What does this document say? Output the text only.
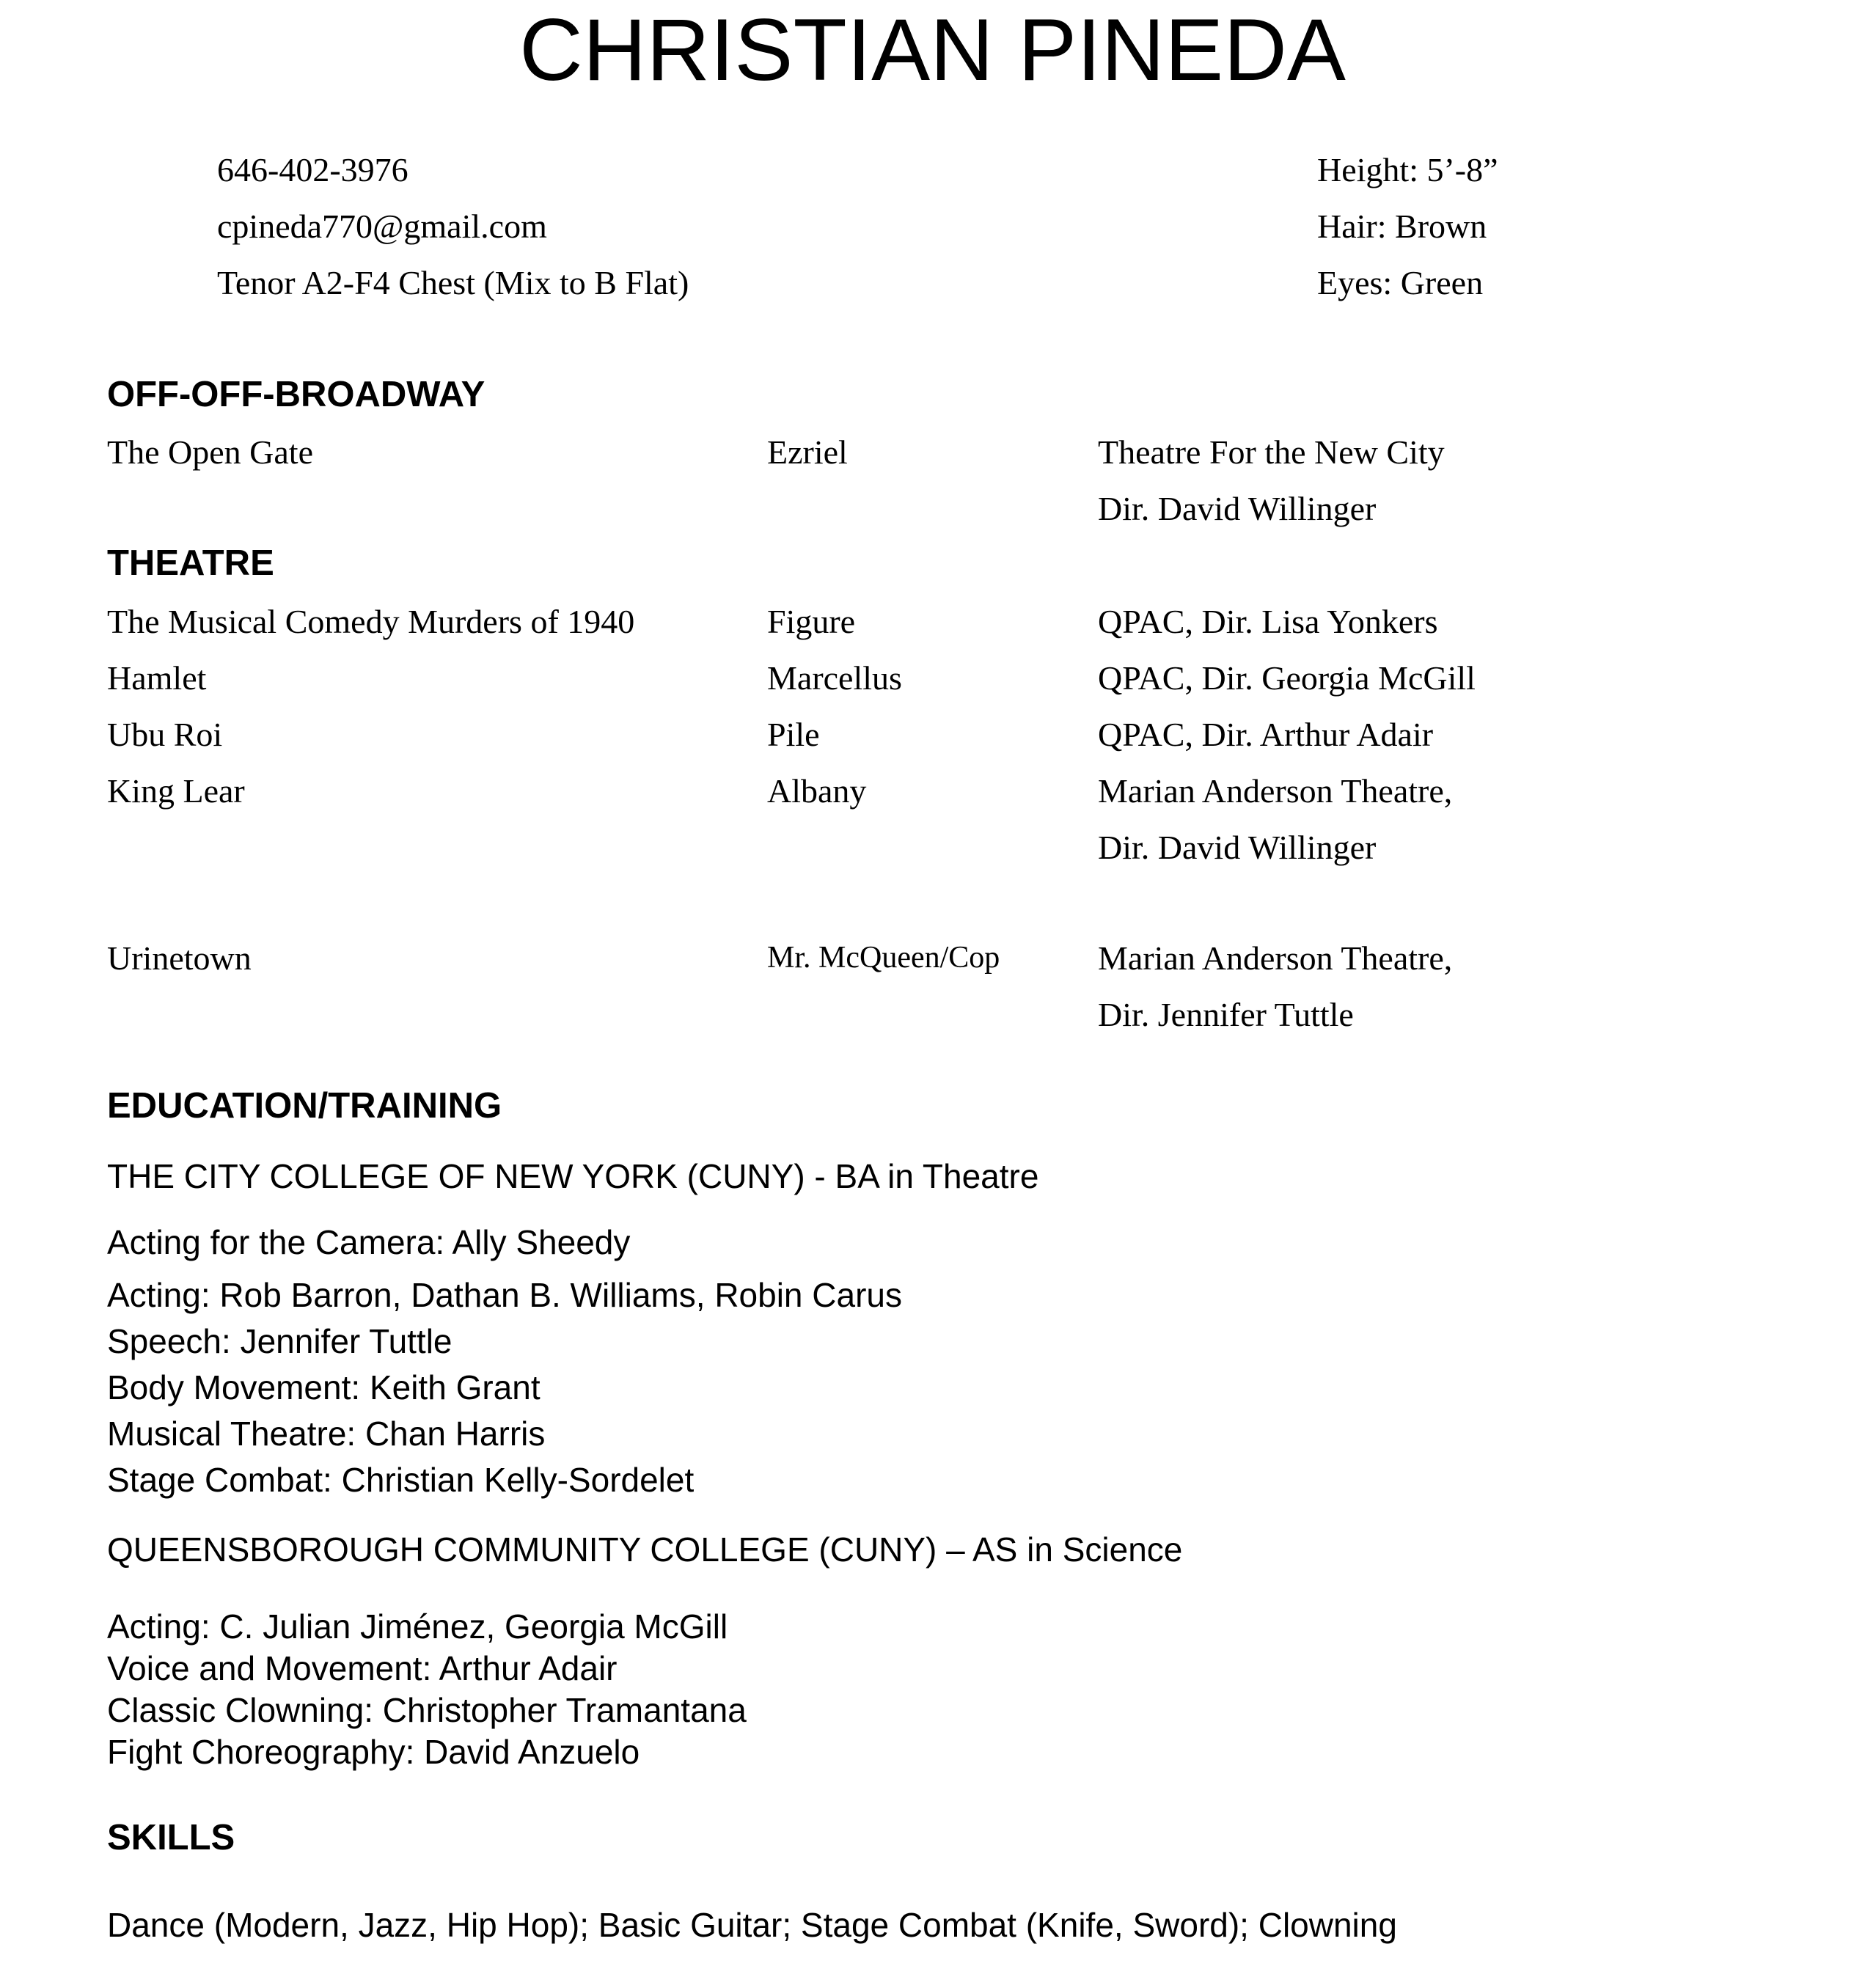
CHRISTIAN PINEDA
646-402-3976
cpineda770@gmail.com
Tenor A2-F4 Chest (Mix to B Flat)
Height: 5’-8”
Hair: Brown
Eyes: Green
OFF-OFF-BROADWAY
The Open Gate	Ezriel	Theatre For the New City
Dir. David Willinger
THEATRE
The Musical Comedy Murders of 1940	Figure	QPAC, Dir. Lisa Yonkers
Hamlet	Marcellus	QPAC, Dir. Georgia McGill
Ubu Roi	Pile	QPAC, Dir. Arthur Adair
King Lear	Albany	Marian Anderson Theatre,
Dir. David Willinger
Urinetown	Mr. McQueen/Cop	Marian Anderson Theatre,
Dir. Jennifer Tuttle
EDUCATION/TRAINING
THE CITY COLLEGE OF NEW YORK (CUNY) - BA in Theatre
Acting for the Camera: Ally Sheedy
Acting: Rob Barron, Dathan B. Williams, Robin Carus
Speech: Jennifer Tuttle
Body Movement: Keith Grant
Musical Theatre: Chan Harris
Stage Combat: Christian Kelly-Sordelet
QUEENSBOROUGH COMMUNITY COLLEGE (CUNY) – AS in Science
Acting: C. Julian Jiménez, Georgia McGill
Voice and Movement: Arthur Adair
Classic Clowning: Christopher Tramantana
Fight Choreography: David Anzuelo
SKILLS
Dance (Modern, Jazz, Hip Hop); Basic Guitar; Stage Combat (Knife, Sword); Clowning
